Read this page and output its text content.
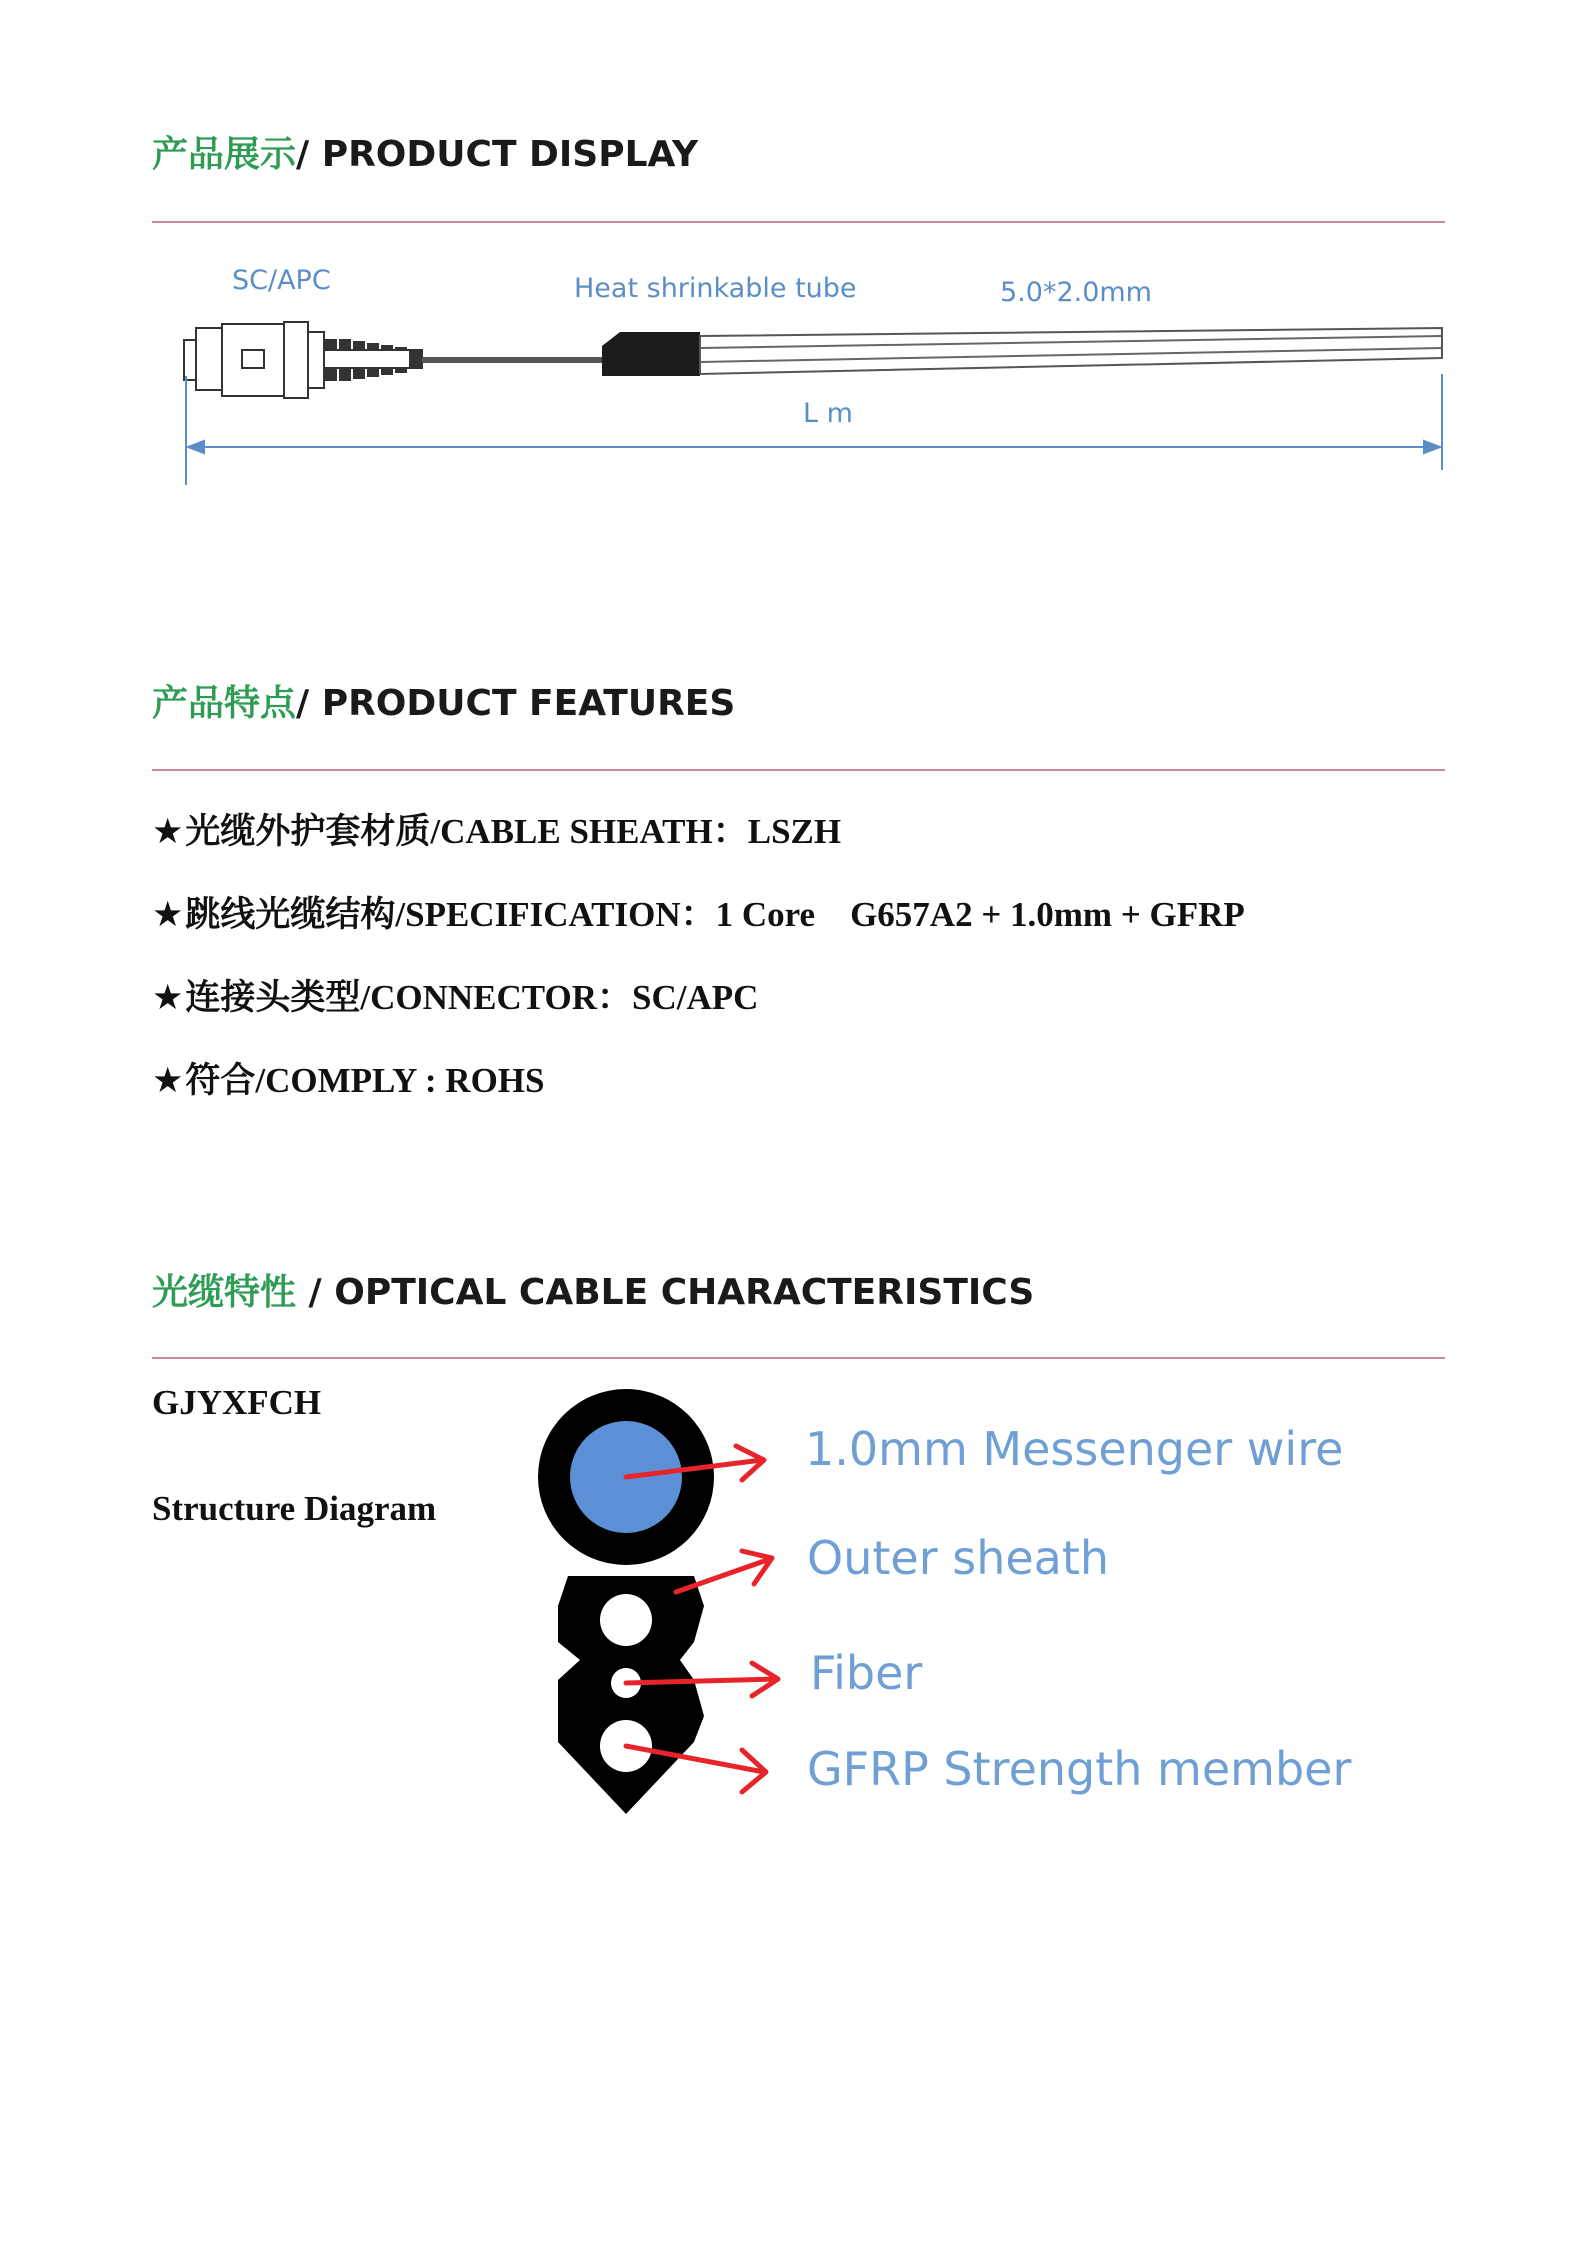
产品展示/ PRODUCT DISPLAY
SC/APC	Heat shrinkable tube	5.0*2.0mm
L m
产品特点/ PRODUCT FEATURES

★光缆外护套材质/CABLE SHEATH：LSZH

★跳线光缆结构/SPECIFICATION：1 Core    G657A2 + 1.0mm + GFRP

★连接头类型/CONNECTOR：SC/APC

★符合/COMPLY : ROHS

光缆特性 / OPTICAL CABLE CHARACTERISTICS

GJYXFCH

Structure Diagram

1.0mm Messenger wire
Outer sheath
Fiber
GFRP Strength member
